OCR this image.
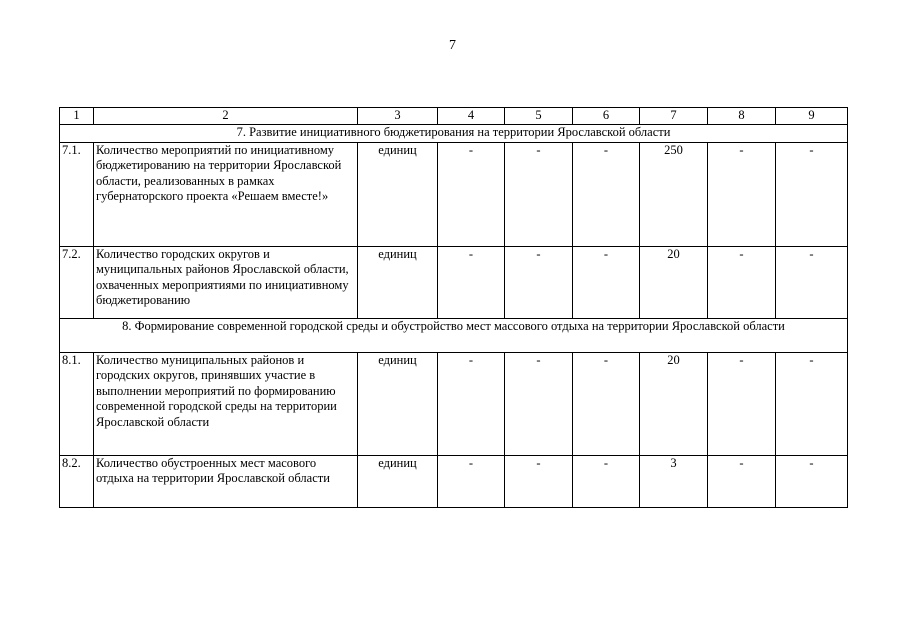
7
1	2	3	4	5	6	7	8	9
7. Развитие инициативного бюджетирования на территории Ярославской области								
7.1.	Количество мероприятий по инициативному бюджетированию на территории Ярославской области, реализованных в рамках губернаторского проекта «Решаем вместе!»	единиц	-	-	-	250	-	-
7.2.	Количество городских округов и муниципальных районов Ярославской области, охваченных мероприятиями по инициативному бюджетированию	единиц	-	-	-	20	-	-
8. Формирование современной городской среды и обустройство мест массового отдыха на территории Ярославской области								
8.1.	Количество муниципальных районов и городских округов, принявших участие в выполнении мероприятий по формированию современной городской среды на территории Ярославской области	единиц	-	-	-	20	-	-
8.2.	Количество обустроенных мест масового отдыха на территории Ярославской области	единиц	-	-	-	3	-	-
